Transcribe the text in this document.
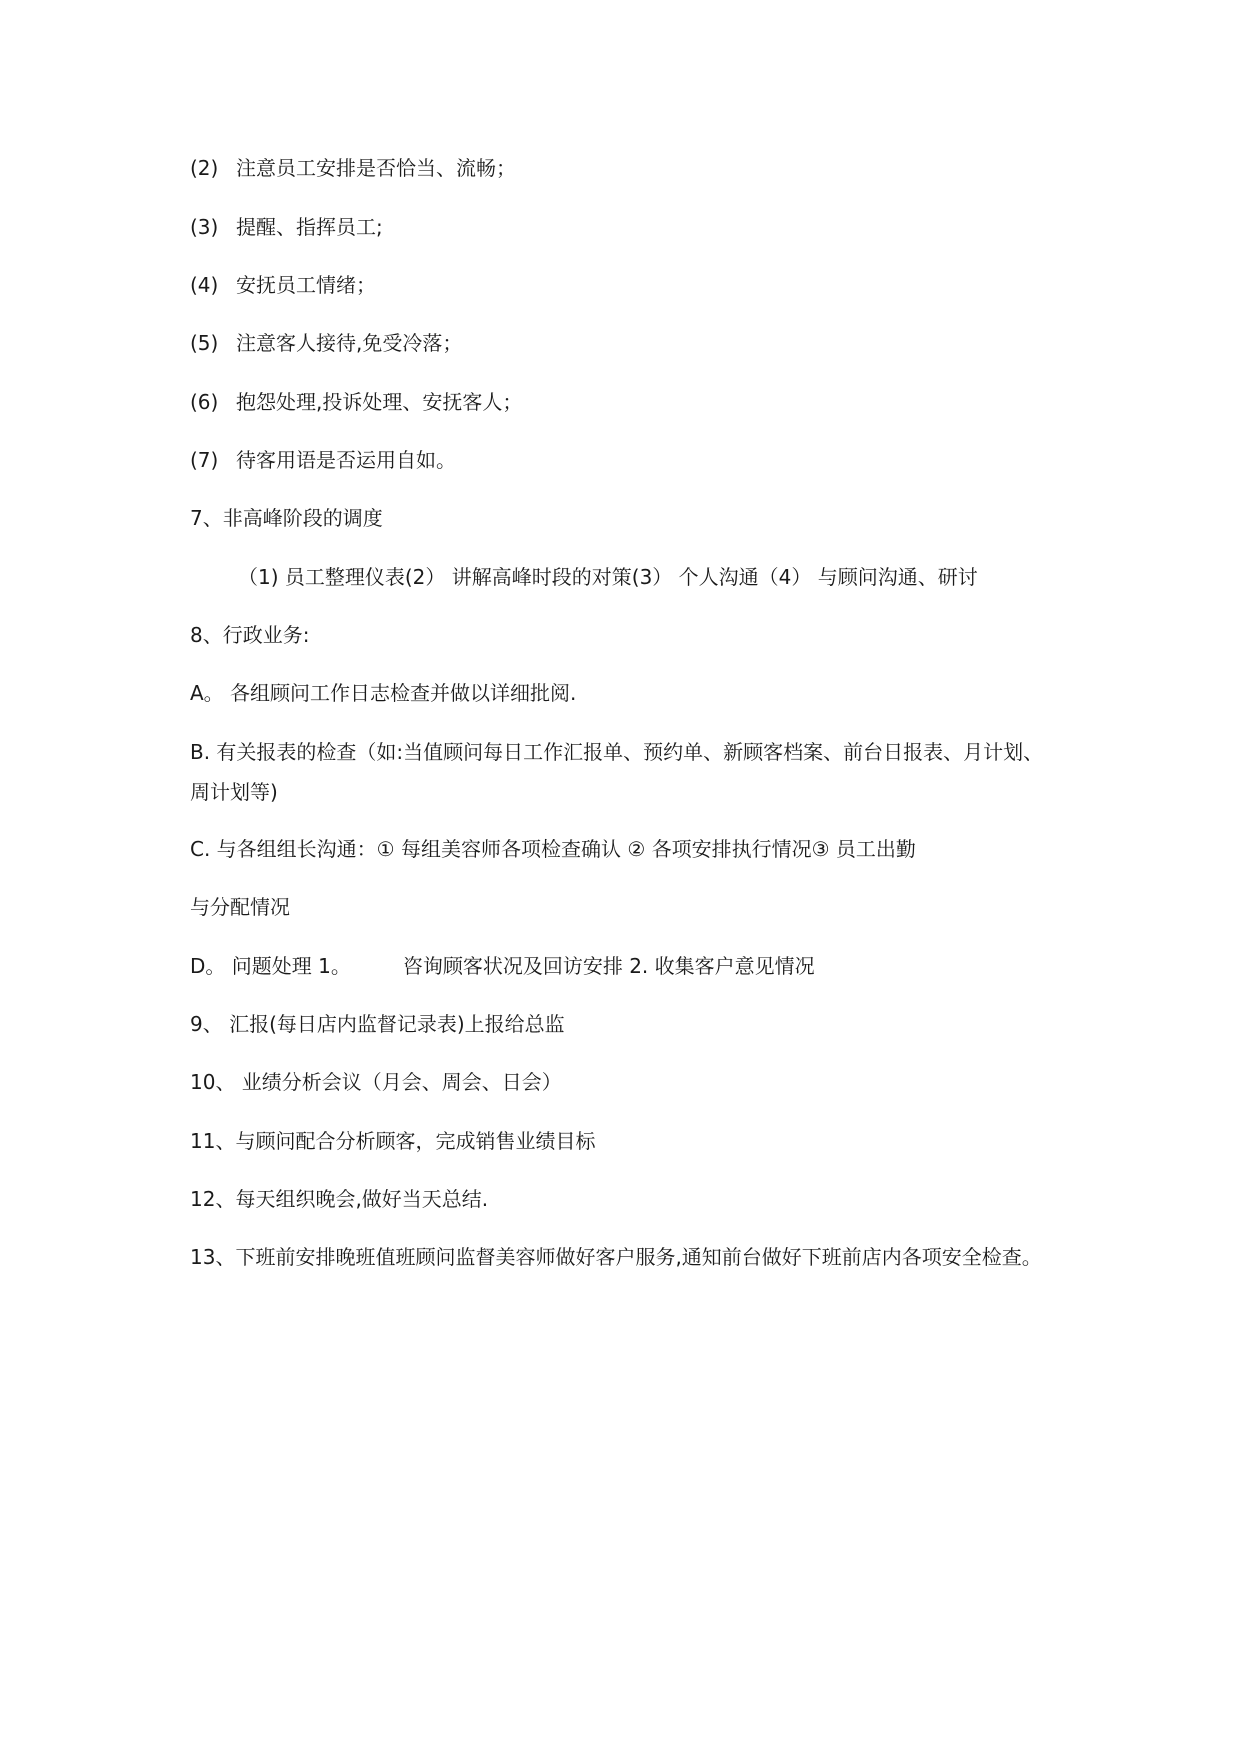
(2) 注意员工安排是否恰当、流畅；
(3) 提醒、指挥员工;
(4) 安抚员工情绪；
(5) 注意客人接待,免受冷落；
(6) 抱怨处理,投诉处理、安抚客人；
(7) 待客用语是否运用自如。
7、非高峰阶段的调度
（1) 员工整理仪表(2） 讲解高峰时段的对策(3） 个人沟通（4） 与顾问沟通、研讨
8、行政业务:
A。 各组顾问工作日志检查并做以详细批阅.
B. 有关报表的检查（如:当值顾问每日工作汇报单、预约单、新顾客档案、前台日报表、月计划、周计划等)
C. 与各组组长沟通：① 每组美容师各项检查确认 ② 各项安排执行情况③ 员工出勤
与分配情况
D。 问题处理 1。	咨询顾客状况及回访安排 2. 收集客户意见情况
9、 汇报(每日店内监督记录表)上报给总监
10、 业绩分析会议（月会、周会、日会）
11、与顾问配合分析顾客，完成销售业绩目标
12、每天组织晚会,做好当天总结.
13、下班前安排晚班值班顾问监督美容师做好客户服务,通知前台做好下班前店内各项安全检查。
